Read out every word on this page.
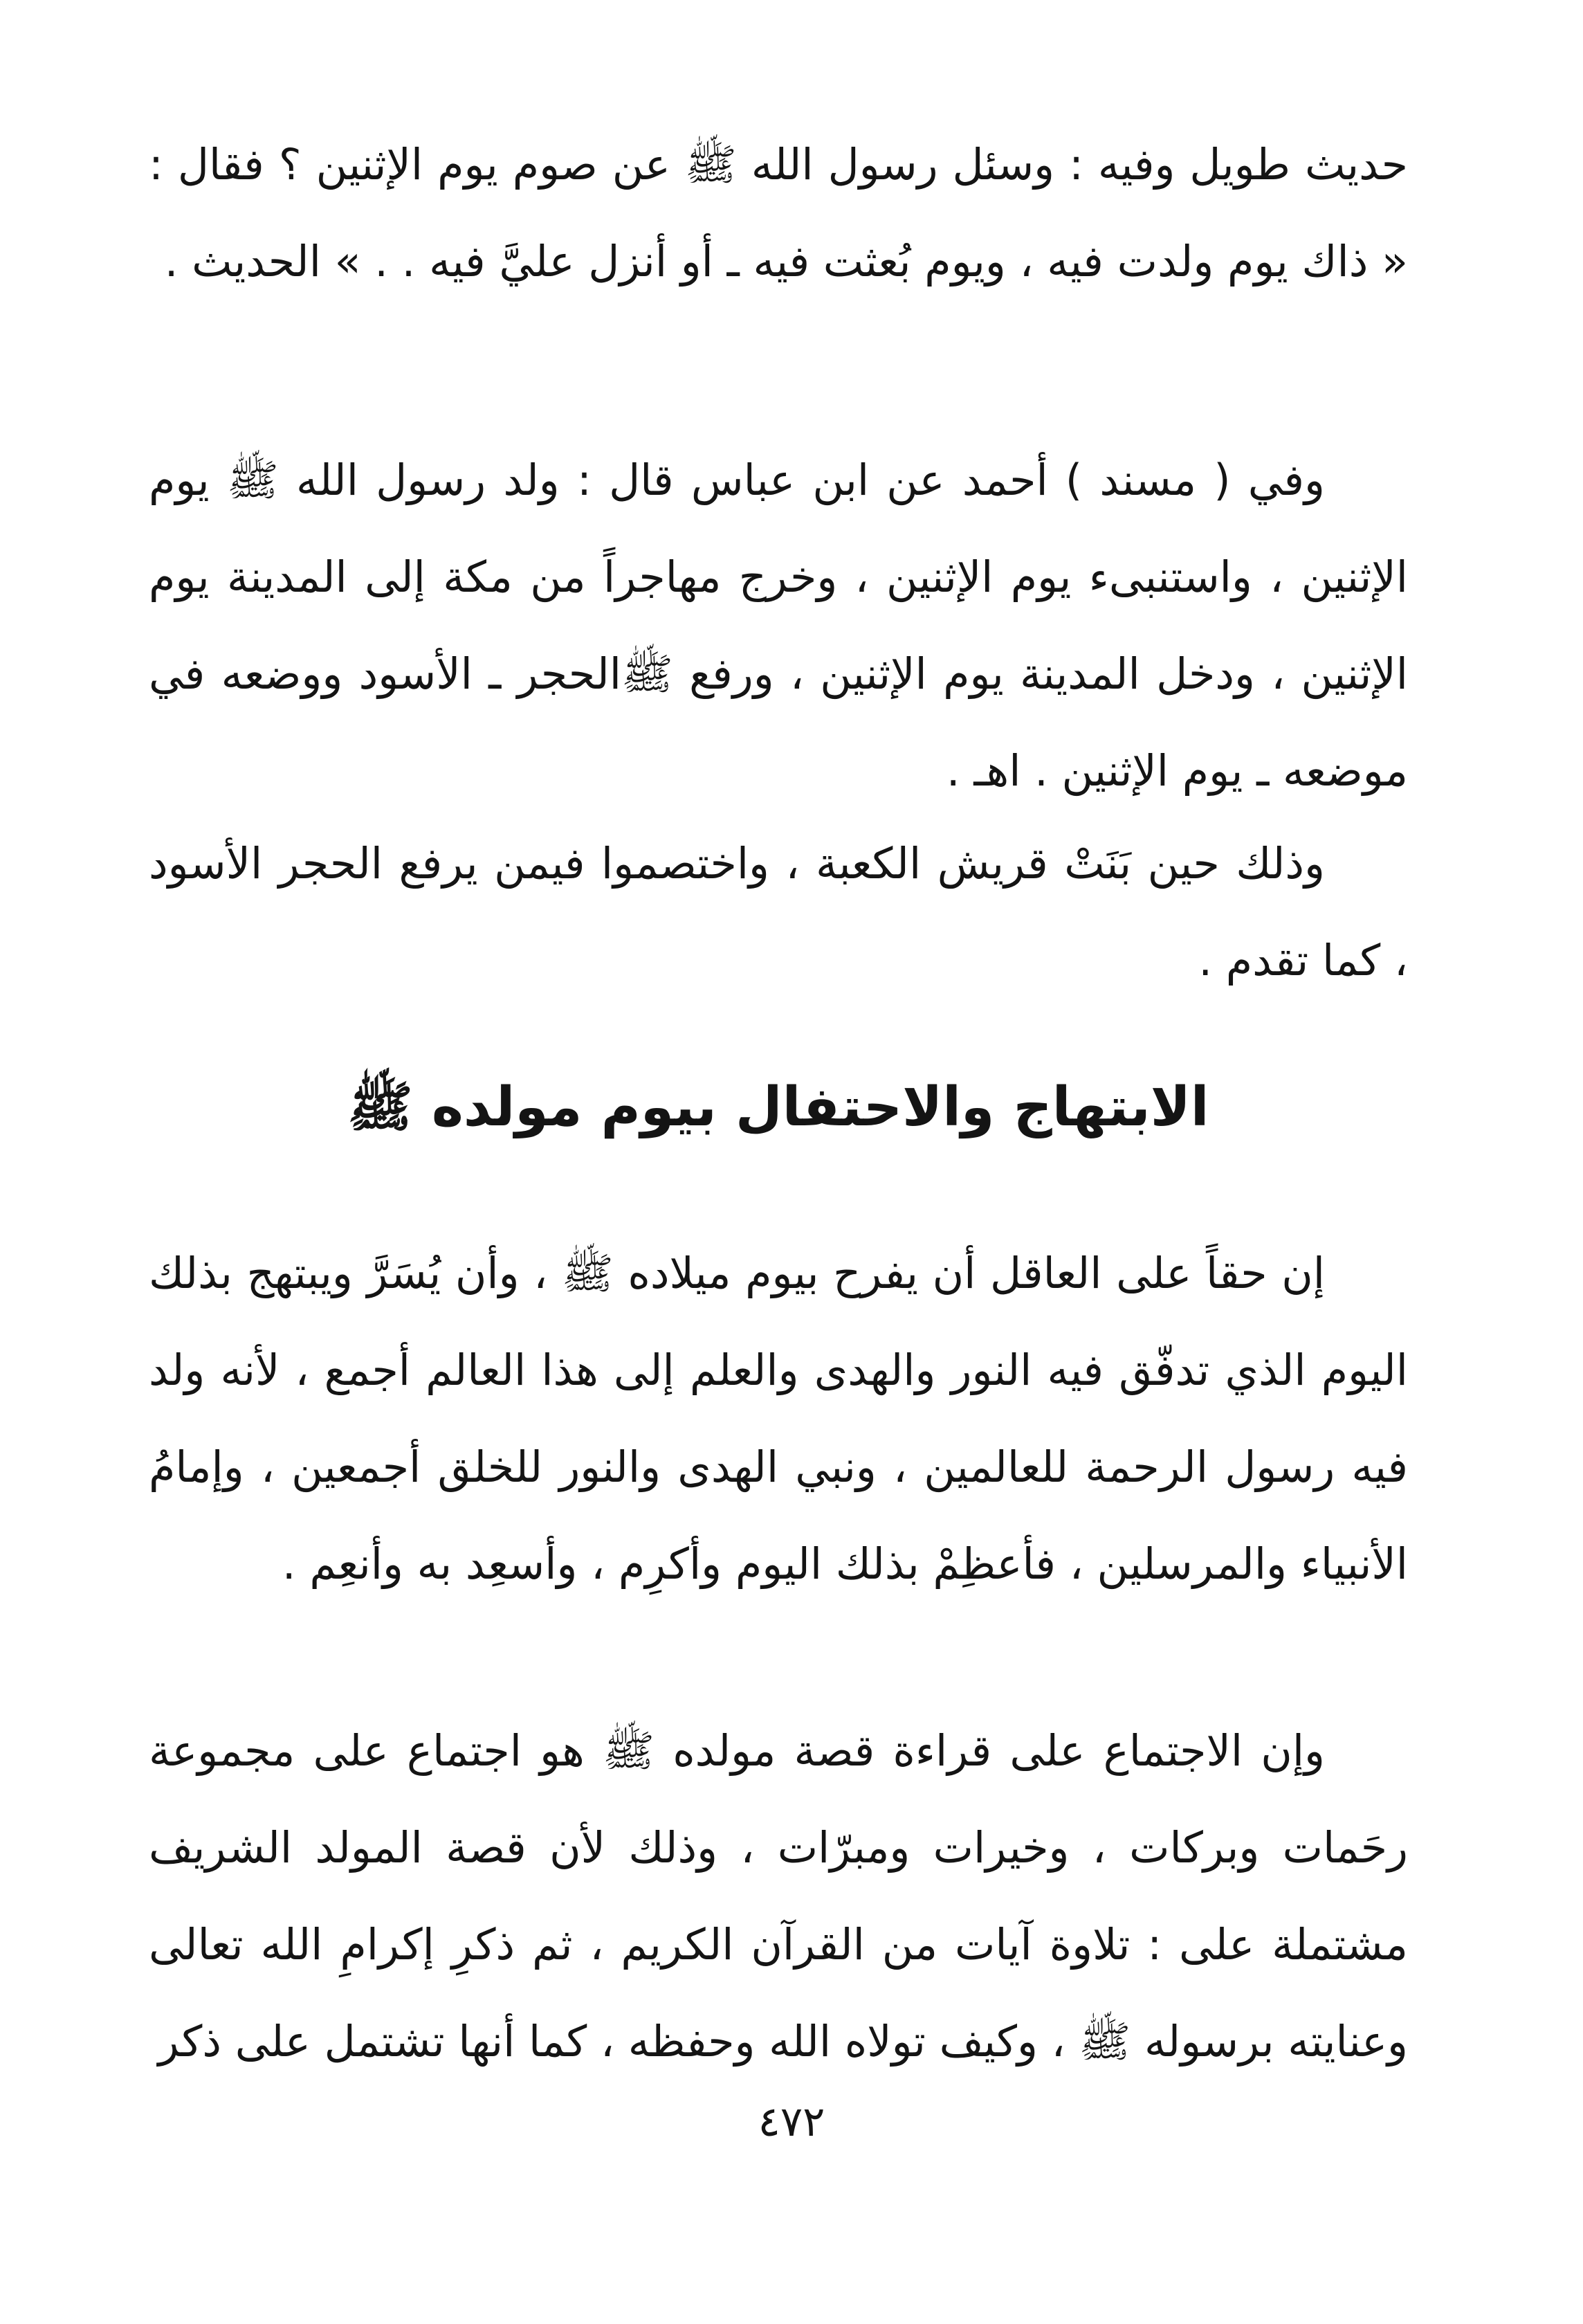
حديث طويل وفيه : وسئل رسول الله ﷺ عن صوم يوم الإثنين ؟ فقال : « ذاك يوم ولدت فيه ، ويوم بُعثت فيه ـ أو أنزل عليَّ فيه . . » الحديث .

وفي ( مسند ) أحمد عن ابن عباس قال : ولد رسول الله ﷺ يوم الإثنين ، واستنبىء يوم الإثنين ، وخرج مهاجراً من مكة إلى المدينة يوم الإثنين ، ودخل المدينة يوم الإثنين ، ورفع ﷺالحجر ـ الأسود ووضعه في موضعه ـ يوم الإثنين . اهـ .

وذلك حين بَنَتْ قريش الكعبة ، واختصموا فيمن يرفع الحجر الأسود ، كما تقدم .

الابتهاج والاحتفال بيوم مولده ﷺ

إن حقاً على العاقل أن يفرح بيوم ميلاده ﷺ ، وأن يُسَرَّ ويبتهج بذلك اليوم الذي تدفّق فيه النور والهدى والعلم إلى هذا العالم أجمع ، لأنه ولد فيه رسول الرحمة للعالمين ، ونبي الهدى والنور للخلق أجمعين ، وإمامُ الأنبياء والمرسلين ، فأعظِمْ بذلك اليوم وأكرِم ، وأسعِد به وأنعِم .

وإن الاجتماع على قراءة قصة مولده ﷺ هو اجتماع على مجموعة رحَمات وبركات ، وخيرات ومبرّات ، وذلك لأن قصة المولد الشريف مشتملة على : تلاوة آيات من القرآن الكريم ، ثم ذكرِ إكرامِ الله تعالى وعنايته برسوله ﷺ ، وكيف تولاه الله وحفظه ، كما أنها تشتمل على ذكر

٤٧٢
